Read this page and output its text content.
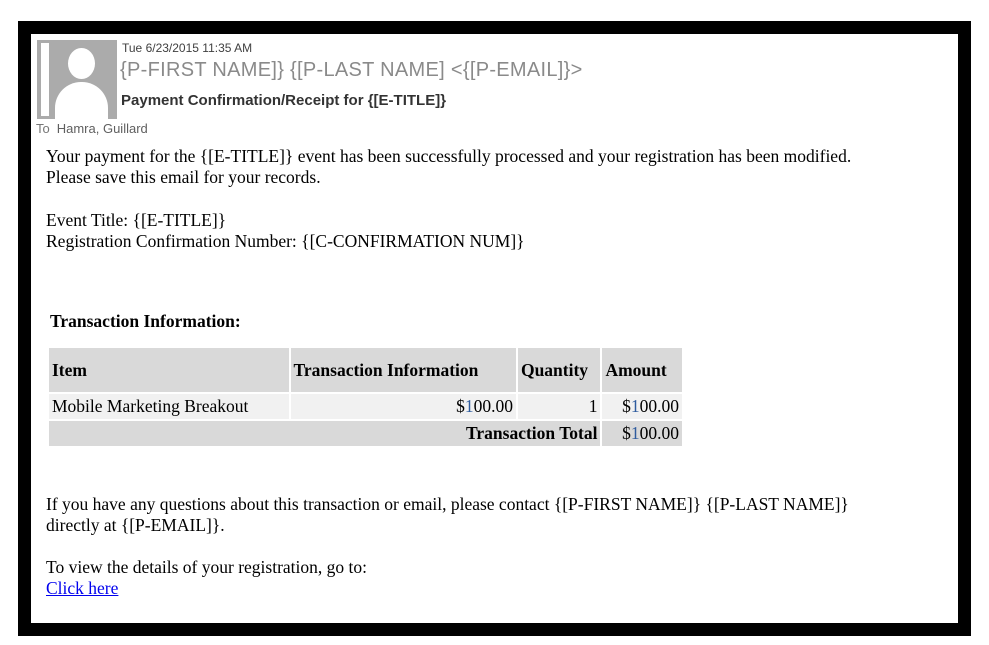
Tue 6/23/2015 11:35 AM
{P-FIRST NAME]} {[P-LAST NAME] <{[P-EMAIL]}>
Payment Confirmation/Receipt for {[E-TITLE]}
To Hamra, Guillard

Your payment for the {[E-TITLE]} event has been successfully processed and your registration has been modified.
Please save this email for your records.

Event Title: {[E-TITLE]}
Registration Confirmation Number: {[C-CONFIRMATION NUM]}

Transaction Information:
Item	Transaction Information	Quantity	Amount
Mobile Marketing Breakout	$100.00	1	$100.00
Transaction Total			$100.00

If you have any questions about this transaction or email, please contact {[P-FIRST NAME]} {[P-LAST NAME]}
directly at {[P-EMAIL]}.

To view the details of your registration, go to:
Click here
